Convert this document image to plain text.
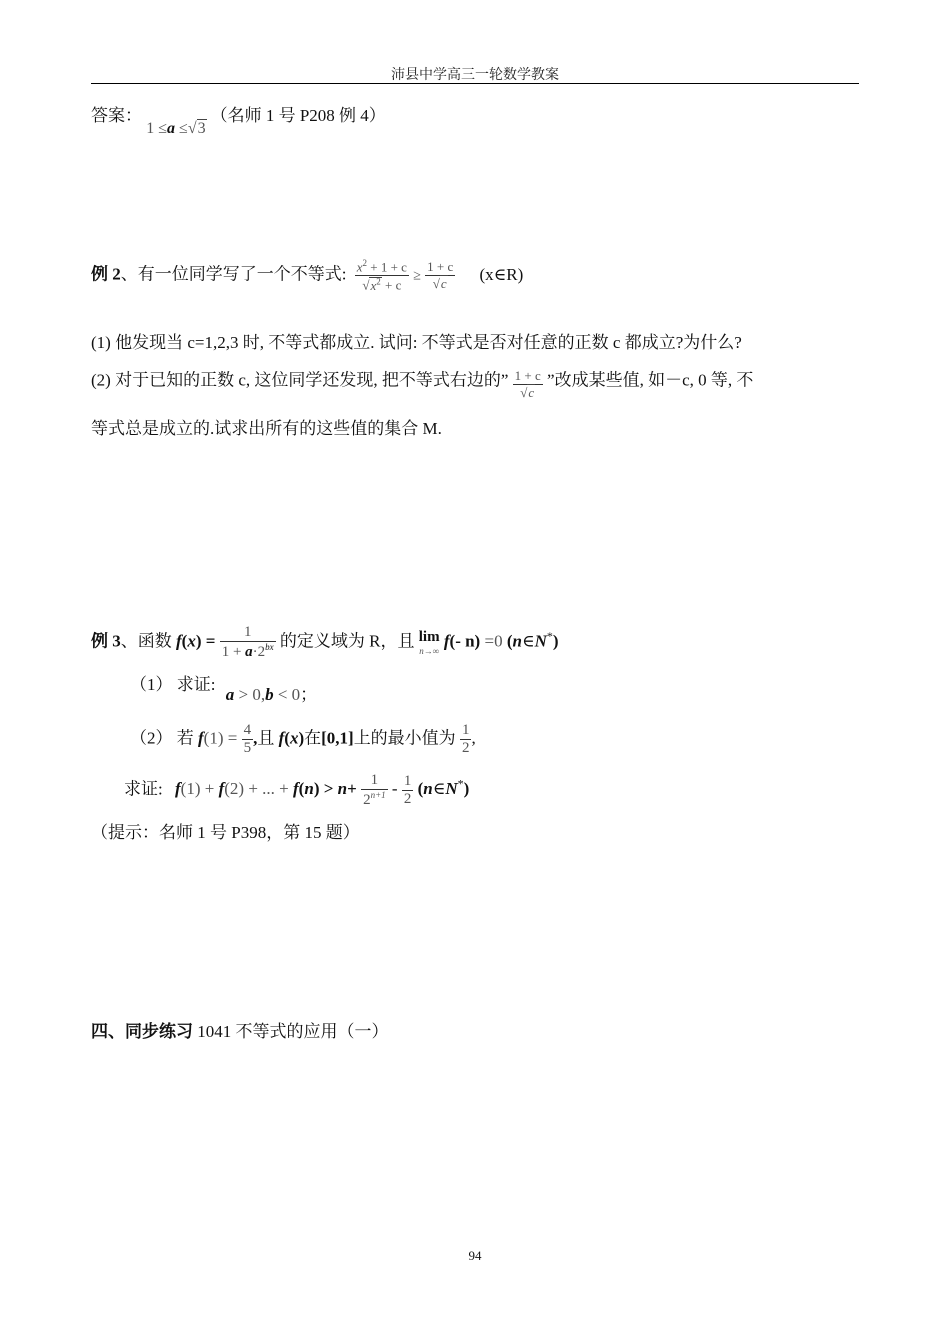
沛县中学高三一轮数学教案
答案： 1 ≤a ≤√3 （名师 1 号 P208 例 4）
例 2、有一位同学写了一个不等式: $\frac{x^2 + 1 + c}{√x^2 + c} \ge \frac{1 + c}{√c}$ (x∈R)
(1) 他发现当 c=1,2,3 时, 不等式都成立. 试问: 不等式是否对任意的正数 c 都成立?为什么?
(2) 对于已知的正数 c, 这位同学还发现, 把不等式右边的” $\frac{1 + c}{√c}$ ”改成某些值, 如－c, 0 等, 不
等式总是成立的.试求出所有的这些值的集合 M.
例 3、函数 $f(x) = \frac{1}{1 + a\cdot 2^{bx}}$ 的定义域为 R，且 lim
n→∞
f(- n) =0 (n∈N*)
（1） 求证: a > 0,b < 0；
（2） 若 $f(1) = \frac{4}{5}$ ,且 f(x)在[0,1]上的最小值为 $\frac{1}{2}$ ,
求证: f(1) + f(2) + ... + $f(n) > n+ \frac{1}{2^{n+1}} - \frac{1}{2}$ (n∈N*)
（提示：名师 1 号 P398，第 15 题）
四、同步练习 1041 不等式的应用（一）
94
